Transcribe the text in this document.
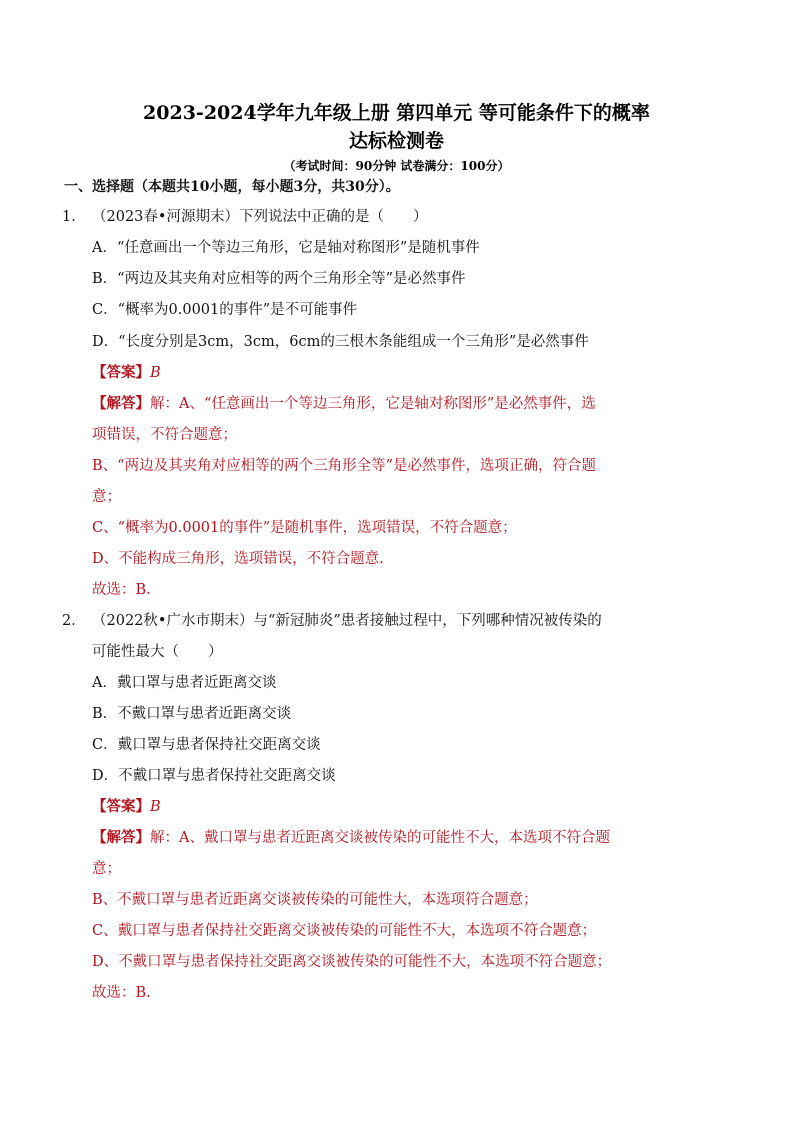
2023-2024学年九年级上册 第四单元 等可能条件下的概率
达标检测卷
（考试时间：90分钟 试卷满分：100分）
一、选择题（本题共10小题，每小题3分，共30分）。
1． （2023春•河源期末）下列说法中正确的是（　　）
A．“任意画出一个等边三角形，它是轴对称图形”是随机事件
B．“两边及其夹角对应相等的两个三角形全等”是必然事件
C．“概率为0.0001的事件”是不可能事件
D．“长度分别是3cm，3cm，6cm的三根木条能组成一个三角形”是必然事件
【答案】B
【解答】解：A、“任意画出一个等边三角形，它是轴对称图形”是必然事件，选
项错误，不符合题意；
B、“两边及其夹角对应相等的两个三角形全等”是必然事件，选项正确，符合题
意；
C、“概率为0.0001的事件”是随机事件，选项错误，不符合题意；
D、不能构成三角形，选项错误，不符合题意.
故选：B.
2． （2022秋•广水市期末）与“新冠肺炎”患者接触过程中，下列哪种情况被传染的
可能性最大（　　）
A．戴口罩与患者近距离交谈
B．不戴口罩与患者近距离交谈
C．戴口罩与患者保持社交距离交谈
D．不戴口罩与患者保持社交距离交谈
【答案】B
【解答】解：A、戴口罩与患者近距离交谈被传染的可能性不大，本选项不符合题
意；
B、不戴口罩与患者近距离交谈被传染的可能性大，本选项符合题意；
C、戴口罩与患者保持社交距离交谈被传染的可能性不大，本选项不符合题意；
D、不戴口罩与患者保持社交距离交谈被传染的可能性不大，本选项不符合题意；
故选：B.
